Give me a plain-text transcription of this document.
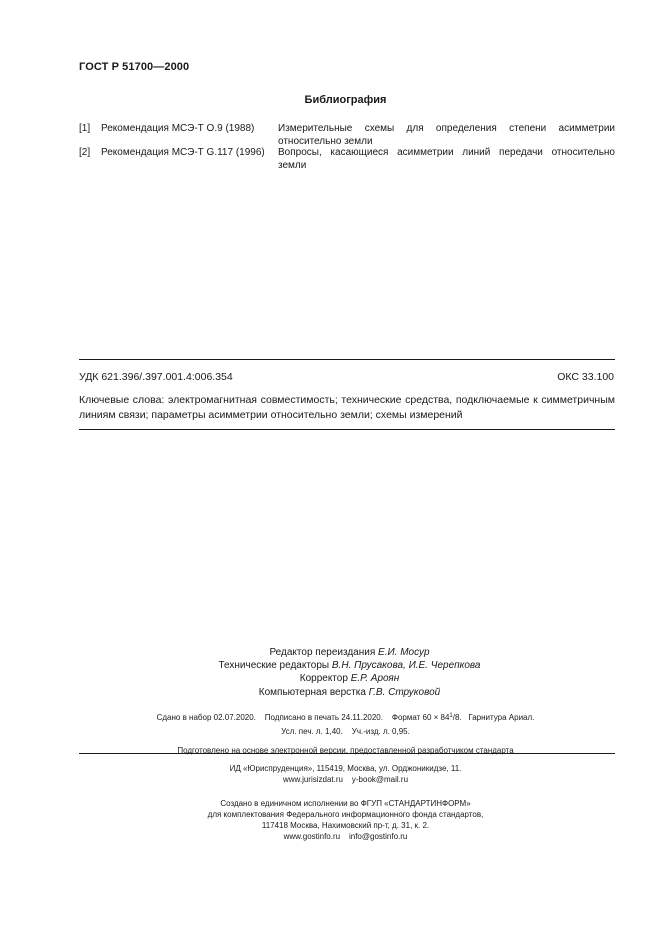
ГОСТ Р 51700—2000
Библиография
[1]	Рекомендация МСЭ-Т О.9 (1988)	Измерительные схемы для определения степени асимметрии относительно земли
[2]	Рекомендация МСЭ-Т G.117 (1996)	Вопросы, касающиеся асимметрии линий передачи относительно земли
УДК 621.396/.397.001.4:006.354	ОКС 33.100
Ключевые слова: электромагнитная совместимость; технические средства, подключаемые к симметричным линиям связи; параметры асимметрии относительно земли; схемы измерений
Редактор переиздания Е.И. Мосур
Технические редакторы В.Н. Прусакова, И.Е. Черепкова
Корректор Е.Р. Ароян
Компьютерная верстка Г.В. Струковой
Сдано в набор 02.07.2020. Подписано в печать 24.11.2020. Формат $60 \times 84^1/8$.   Гарнитура Ариал.
Усл. печ. л. 1,40. Уч.-изд. л. 0,95.
Подготовлено на основе электронной версии, предоставленной разработчиком стандарта
ИД «Юриспруденция», 115419, Москва, ул. Орджоникидзе, 11.
www.jurisizdat.ru y-book@mail.ru
Создано в единичном исполнении во ФГУП «СТАНДАРТИНФОРМ»
для комплектования Федерального информационного фонда стандартов,
117418 Москва, Нахимовский пр-т, д. 31, к. 2.
www.gostinfo.ru info@gostinfo.ru
